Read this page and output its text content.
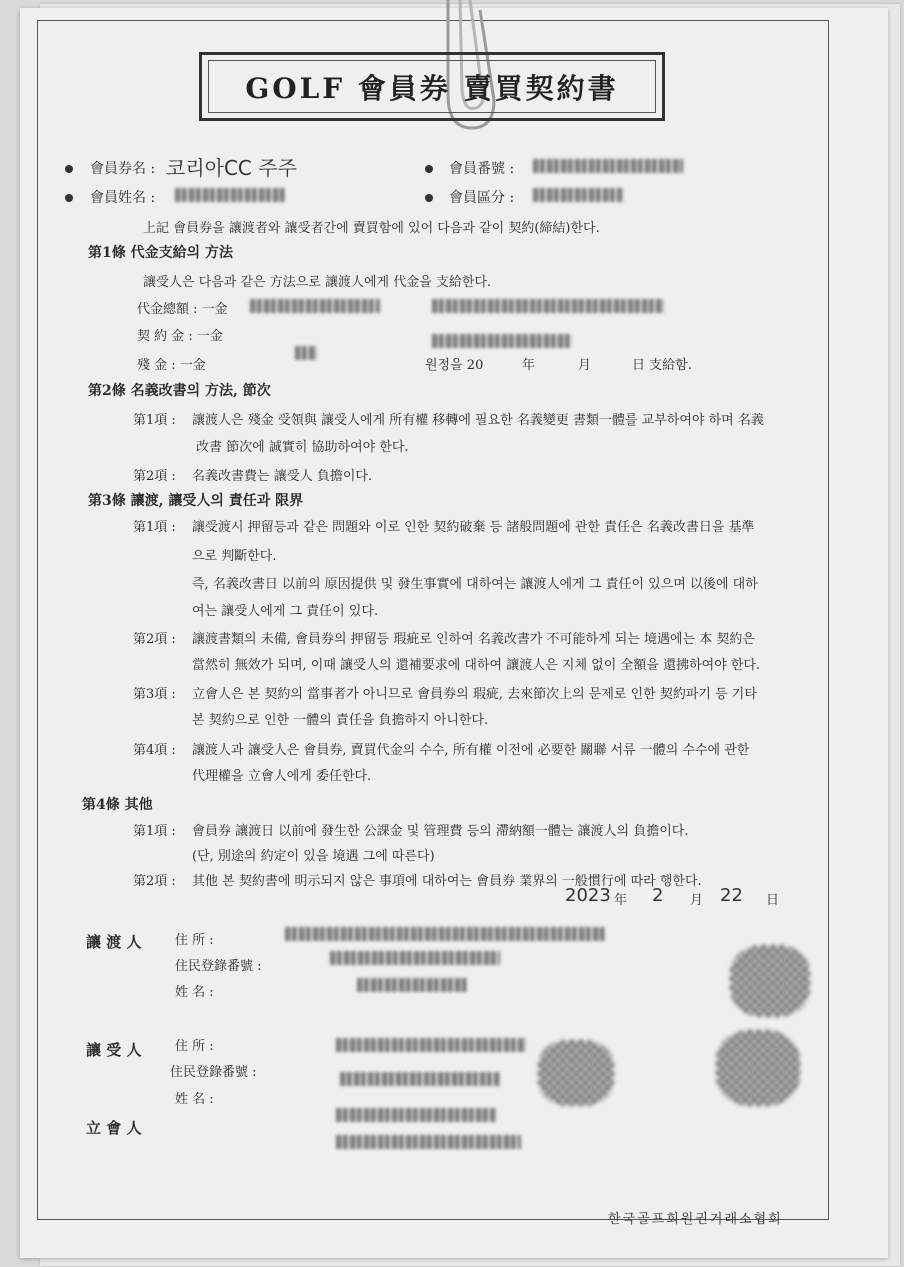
GOLF 會員券 賣買契約書
會員券名 : 코리아CC 주주	會員番號 :
會員姓名 :	會員區分 :
上記 會員券을 讓渡者와 讓受者간에 賣買함에 있어 다음과 같이 契約(締結)한다.
第1條 代金支給의 方法
讓受人은 다음과 같은 方法으로 讓渡人에게 代金을 支給한다.
代金總額 : 一金
契 約 金 : 一金
殘 金 : 一金	원정을 20	年	月	日 支給함.
第2條 名義改書의 方法, 節次
第1項 : 讓渡人은 殘金 受領與 讓受人에게 所有權 移轉에 필요한 名義變更 書類一體를 교부하여야 하며 名義
改書 節次에 誠實히 協助하여야 한다.
第2項 : 名義改書費는 讓受人 負擔이다.
第3條 讓渡, 讓受人의 責任과 限界
第1項 : 讓受渡시 押留등과 같은 問題와 이로 인한 契約破棄 등 諸般問題에 관한 責任은 名義改書日을 基準
으로 判斷한다.
즉, 名義改書日 以前의 原因提供 및 發生事實에 대하여는 讓渡人에게 그 責任이 있으며 以後에 대하
여는 讓受人에게 그 責任이 있다.
第2項 : 讓渡書類의 未備, 會員券의 押留등 瑕疵로 인하여 名義改書가 不可能하게 되는 境遇에는 本 契約은
當然히 無效가 되며, 이때 讓受人의 還補要求에 대하여 讓渡人은 지체 없이 全額을 還拂하여야 한다.
第3項 : 立會人은 본 契約의 當事者가 아니므로 會員券의 瑕疵, 去來節次上의 문제로 인한 契約파기 등 기타
본 契約으로 인한 一體의 責任을 負擔하지 아니한다.
第4項 : 讓渡人과 讓受人은 會員券, 賣買代金의 수수, 所有權 이전에 必要한 關聯 서류 一體의 수수에 관한
代理權을 立會人에게 委任한다.
第4條 其他
第1項 : 會員券 讓渡日 以前에 發生한 公課金 및 管理費 등의 滯納額一體는 讓渡人의 負擔이다.
(단, 別途의 約定이 있을 境遇 그에 따른다)
第2項 : 其他 본 契約書에 明示되지 않은 事項에 대하여는 會員券 業界의 一般慣行에 따라 행한다.
2023 年 2 月 22 日
讓 渡 人	住 所 :
住民登錄番號 :
姓 名 :
讓 受 人	住 所 :
住民登錄番號 :
姓 名 :
立 會 人
한국골프회원권거래소협회
